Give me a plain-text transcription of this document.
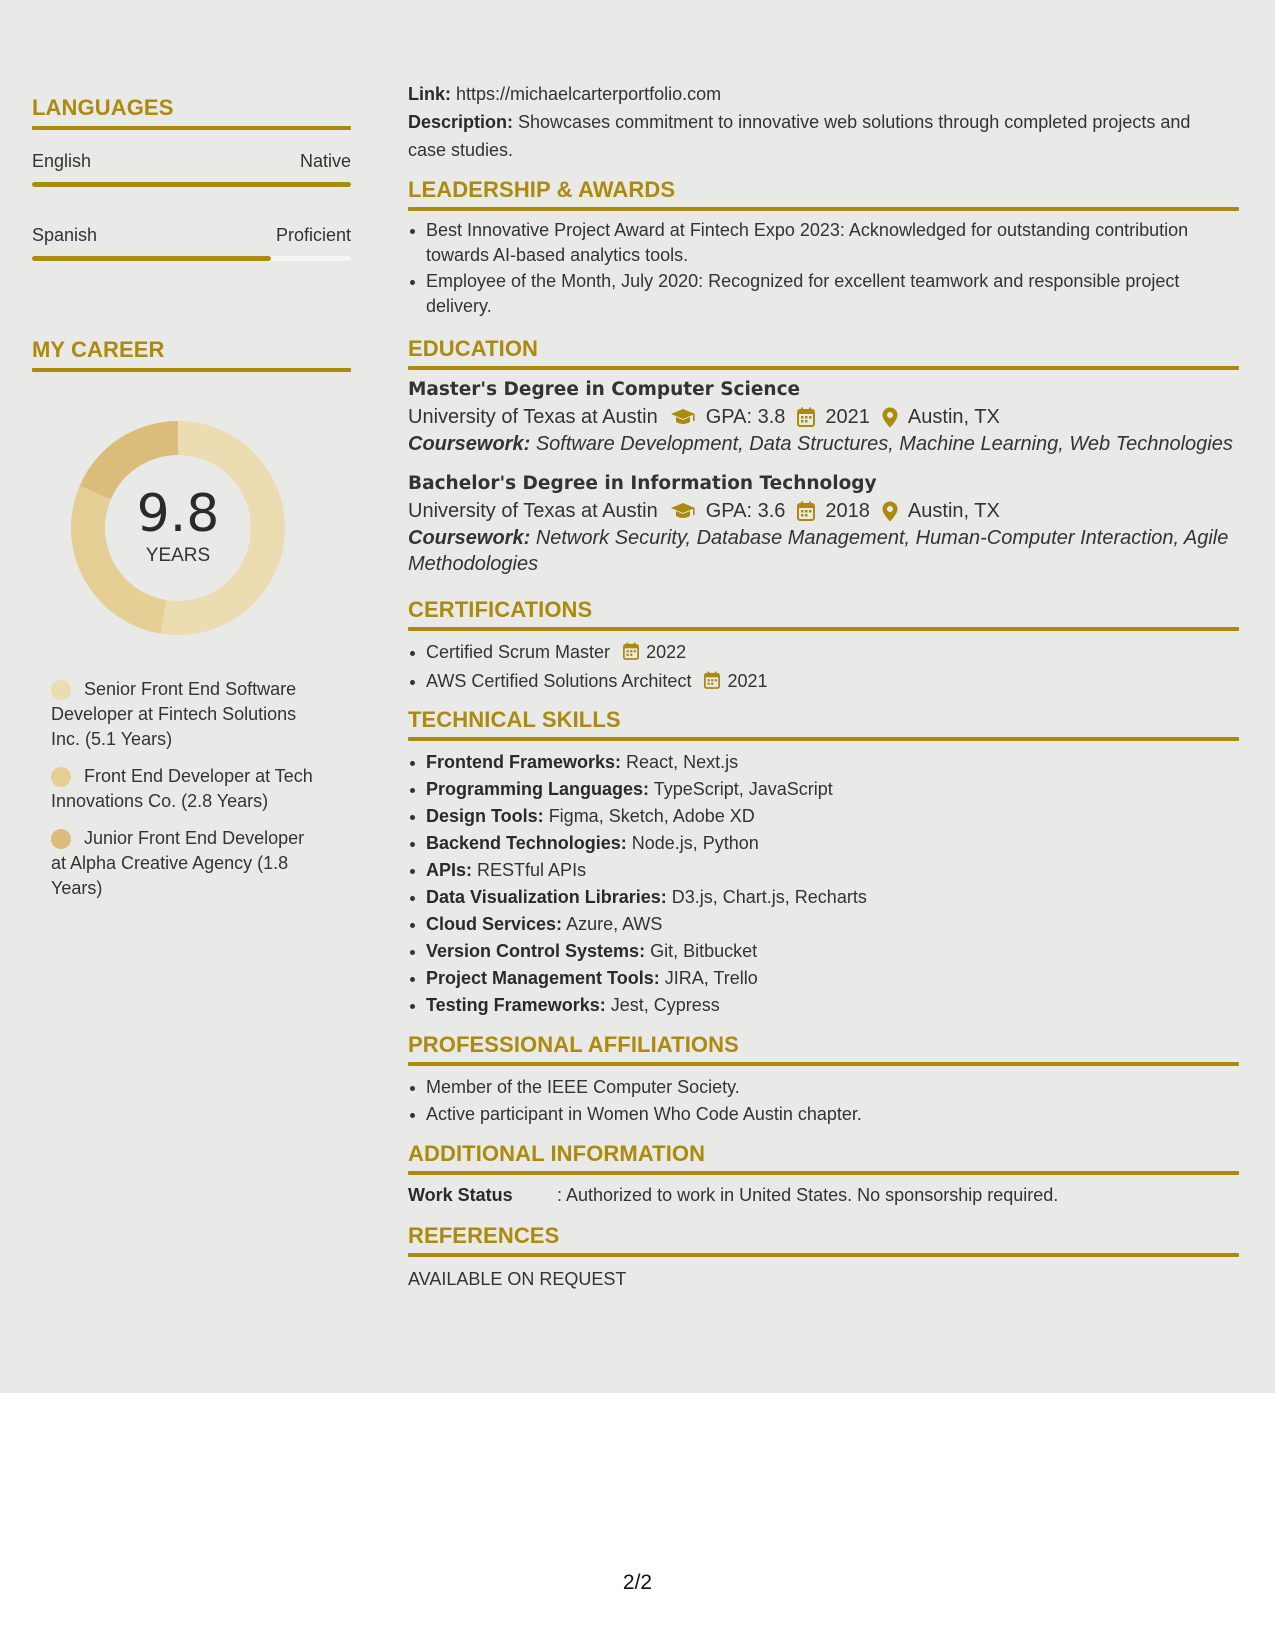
LANGUAGES
English	Native
Spanish	Proficient
MY CAREER
9.8
YEARS
Senior Front End Software Developer at Fintech Solutions Inc. (5.1 Years)
Front End Developer at Tech Innovations Co. (2.8 Years)
Junior Front End Developer at Alpha Creative Agency (1.8 Years)
Link: https://michaelcarterportfolio.com
Description: Showcases commitment to innovative web solutions through completed projects and
case studies.
LEADERSHIP & AWARDS
Best Innovative Project Award at Fintech Expo 2023: Acknowledged for outstanding contribution
towards AI-based analytics tools.
Employee of the Month, July 2020: Recognized for excellent teamwork and responsible project
delivery.
EDUCATION
Master's Degree in Computer Science
University of Texas at Austin GPA: 3.8 2021 Austin, TX
Coursework: Software Development, Data Structures, Machine Learning, Web Technologies
Bachelor's Degree in Information Technology
University of Texas at Austin GPA: 3.6 2018 Austin, TX
Coursework: Network Security, Database Management, Human-Computer Interaction, Agile
Methodologies
CERTIFICATIONS
Certified Scrum Master 2022
AWS Certified Solutions Architect 2021
TECHNICAL SKILLS
Frontend Frameworks: React, Next.js
Programming Languages: TypeScript, JavaScript
Design Tools: Figma, Sketch, Adobe XD
Backend Technologies: Node.js, Python
APIs: RESTful APIs
Data Visualization Libraries: D3.js, Chart.js, Recharts
Cloud Services: Azure, AWS
Version Control Systems: Git, Bitbucket
Project Management Tools: JIRA, Trello
Testing Frameworks: Jest, Cypress
PROFESSIONAL AFFILIATIONS
Member of the IEEE Computer Society.
Active participant in Women Who Code Austin chapter.
ADDITIONAL INFORMATION
Work Status	: Authorized to work in United States. No sponsorship required.
REFERENCES
AVAILABLE ON REQUEST
2/2
